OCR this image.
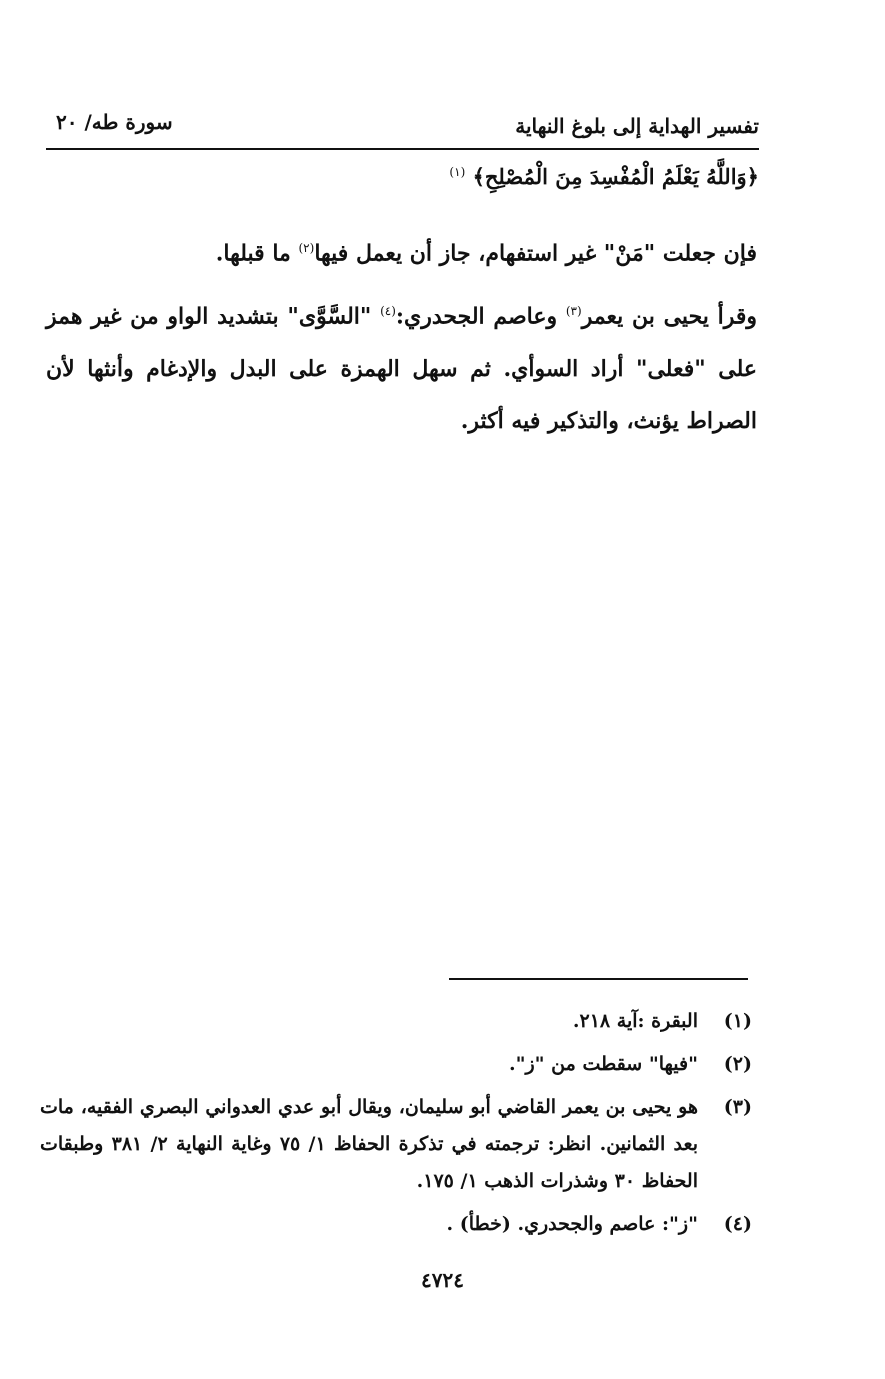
تفسير الهداية إلى بلوغ النهاية
سورة طه/ ٢٠
﴿وَاللَّهُ يَعْلَمُ الْمُفْسِدَ مِنَ الْمُصْلِحِ﴾ $^{(١)}$

فإن جعلت "مَنْ" غير استفهام، جاز أن يعمل فيها$^{(٢)}$ ما قبلها.

وقرأ يحيى بن يعمر$^{(٣)}$ وعاصم الجحدري:$^{(٤)}$ "السَّوَّى" بتشديد الواو من غير همز على "فعلى" أراد السوأي. ثم سهل الهمزة على البدل والإدغام وأنثها لأن الصراط يؤنث، والتذكير فيه أكثر.

(١)
البقرة :آية ٢١٨.
(٢)
"فيها" سقطت من "ز".
(٣)
هو يحيى بن يعمر القاضي أبو سليمان، ويقال أبو عدي العدواني البصري الفقيه، مات بعد الثمانين. انظر: ترجمته في تذكرة الحفاظ ١/ ٧٥ وغاية النهاية ٢/ ٣٨١ وطبقات الحفاظ ٣٠ وشذرات الذهب ١/ ١٧٥.
(٤)
"ز": عاصم والجحدري. (خطأ) .
٤٧٢٤
